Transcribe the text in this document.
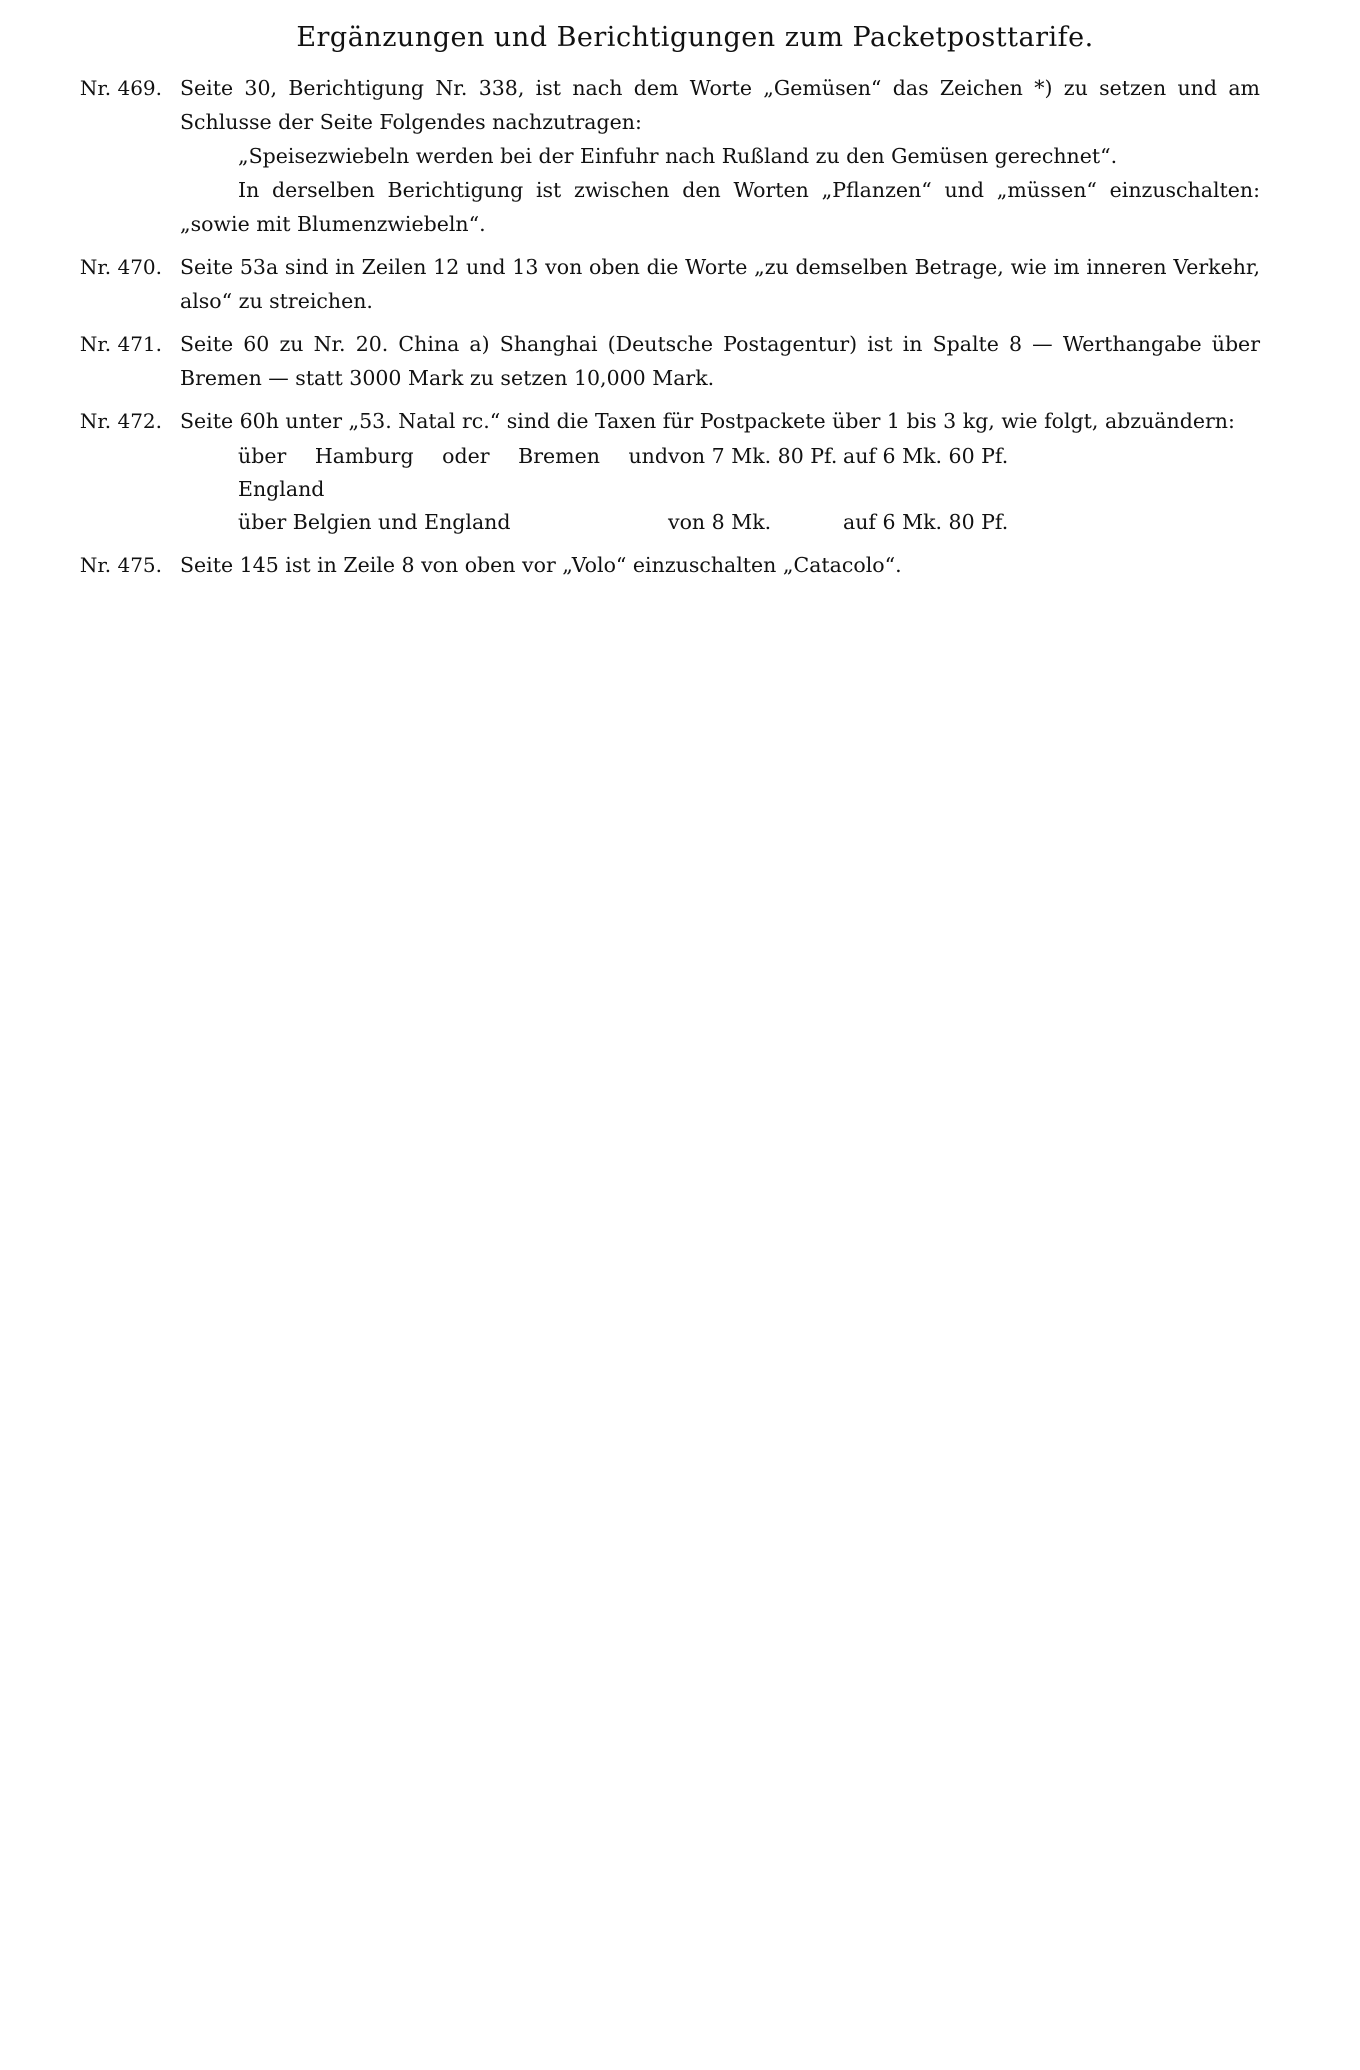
Ergänzungen und Berichtigungen zum Packetposttarife.
Nr. 469. Seite 30, Berichtigung Nr. 338, ist nach dem Worte „Gemüsen“ das Zeichen *) zu setzen und am Schlusse der Seite Folgendes nachzutragen:
„Speisezwiebeln werden bei der Einfuhr nach Rußland zu den Gemüsen gerechnet“.
In derselben Berichtigung ist zwischen den Worten „Pflanzen“ und „müssen“ einzuschalten: „sowie mit Blumenzwiebeln“.
Nr. 470. Seite 53a sind in Zeilen 12 und 13 von oben die Worte „zu demselben Betrage, wie im inneren Verkehr, also“ zu streichen.
Nr. 471. Seite 60 zu Nr. 20. China a) Shanghai (Deutsche Postagentur) ist in Spalte 8 — Werthangabe über Bremen — statt 3000 Mark zu setzen 10,000 Mark.
Nr. 472. Seite 60h unter „53. Natal rc.“ sind die Taxen für Postpackete über 1 bis 3 kg, wie folgt, abzuändern:
über Hamburg oder Bremen und England
von 7 Mk. 80 Pf. auf 6 Mk. 60 Pf.
über Belgien und England	von 8 Mk.	auf 6 Mk. 80 Pf.
Nr. 475. Seite 145 ist in Zeile 8 von oben vor „Volo“ einzuschalten „Catacolo“.
